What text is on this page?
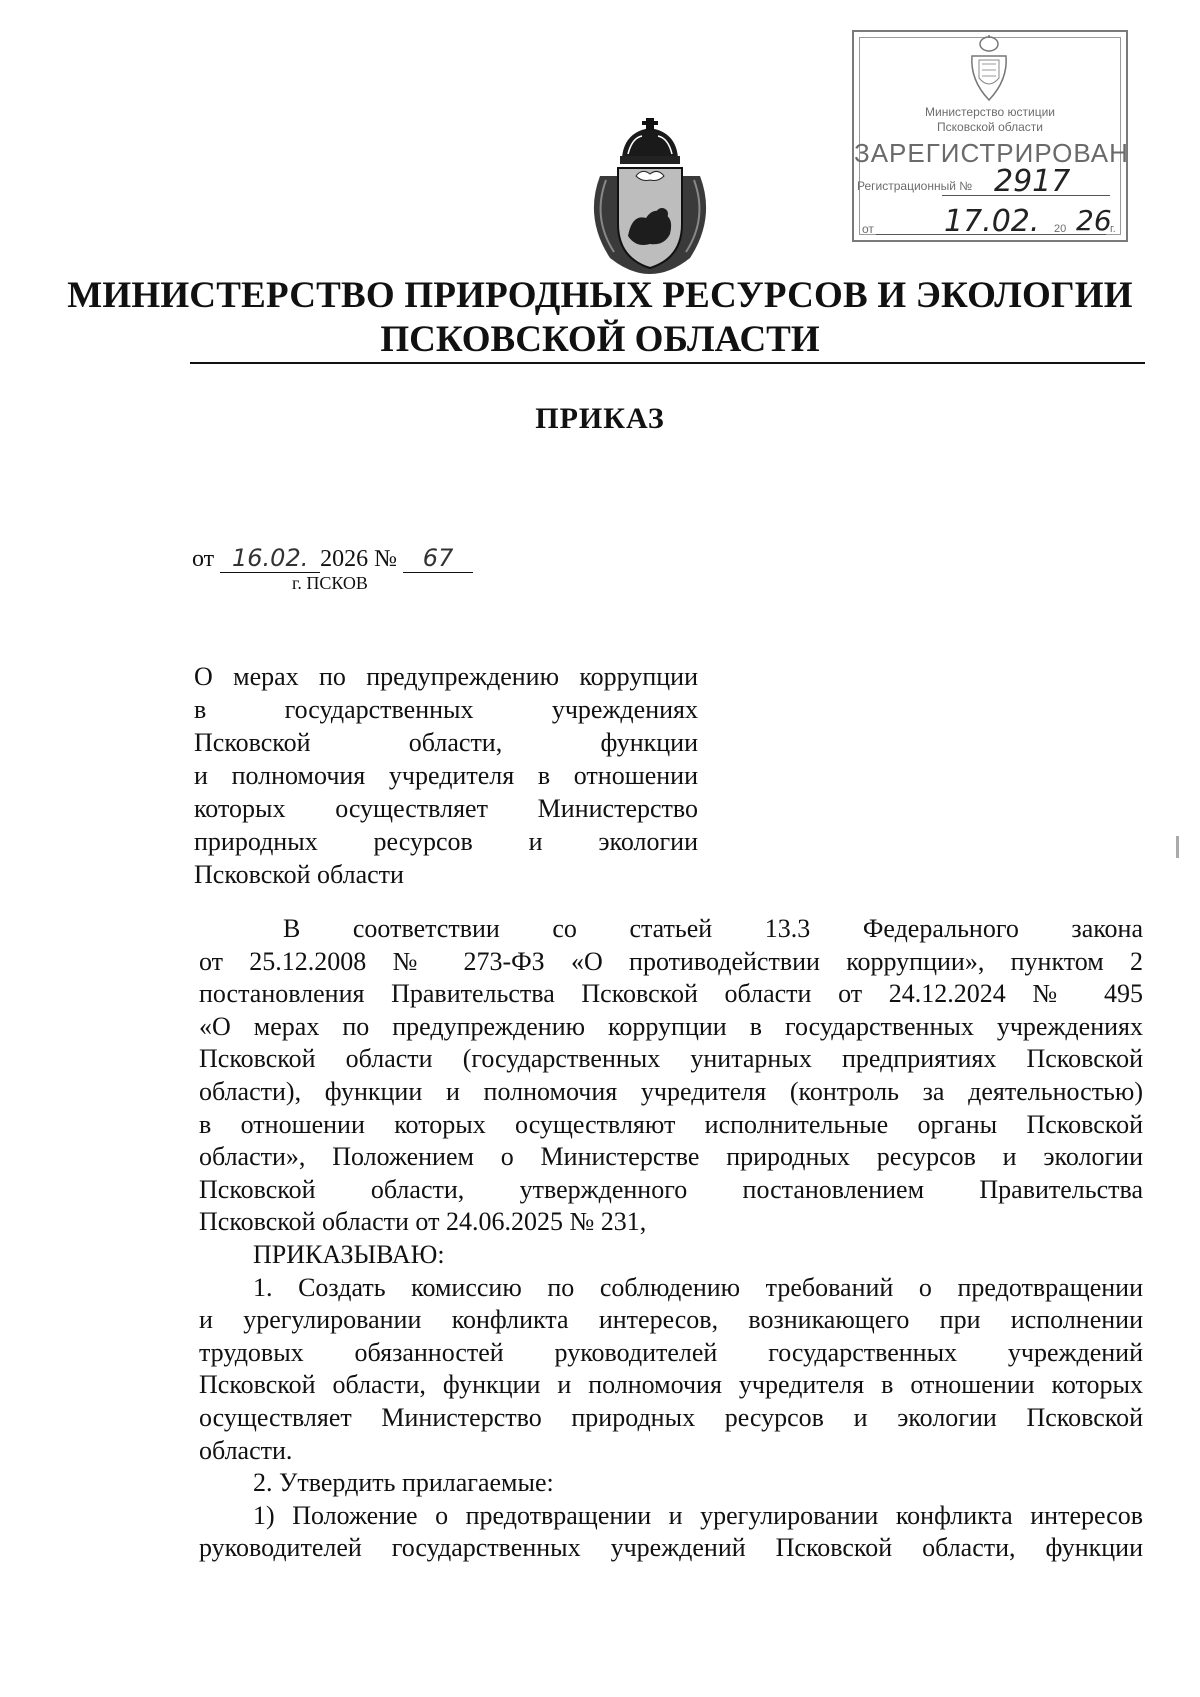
Министерство юстиции
Псковской области
ЗАРЕГИСТРИРОВАН
Регистрационный № 2917
от 17.02. 20 26
г.
МИНИСТЕРСТВО ПРИРОДНЫХ РЕСУРСОВ И ЭКОЛОГИИ
ПСКОВСКОЙ ОБЛАСТИ
ПРИКАЗ
от 16.02. 2026 № 67
г. ПСКОВ
О мерах по предупреждению коррупции
в государственных учреждениях
Псковской области, функции
и полномочия учредителя в отношении
которых осуществляет Министерство
природных ресурсов и экологии
Псковской области
В соответствии со статьей 13.3 Федерального закона
от 25.12.2008 № 273-ФЗ «О противодействии коррупции», пунктом 2
постановления Правительства Псковской области от 24.12.2024 № 495
«О мерах по предупреждению коррупции в государственных учреждениях
Псковской области (государственных унитарных предприятиях Псковской
области), функции и полномочия учредителя (контроль за деятельностью)
в отношении которых осуществляют исполнительные органы Псковской
области», Положением о Министерстве природных ресурсов и экологии
Псковской области, утвержденного постановлением Правительства
Псковской области от 24.06.2025 № 231,
ПРИКАЗЫВАЮ:
1. Создать комиссию по соблюдению требований о предотвращении
и урегулировании конфликта интересов, возникающего при исполнении
трудовых обязанностей руководителей государственных учреждений
Псковской области, функции и полномочия учредителя в отношении которых
осуществляет Министерство природных ресурсов и экологии Псковской
области.
2. Утвердить прилагаемые:
1) Положение о предотвращении и урегулировании конфликта интересов
руководителей государственных учреждений Псковской области, функции
